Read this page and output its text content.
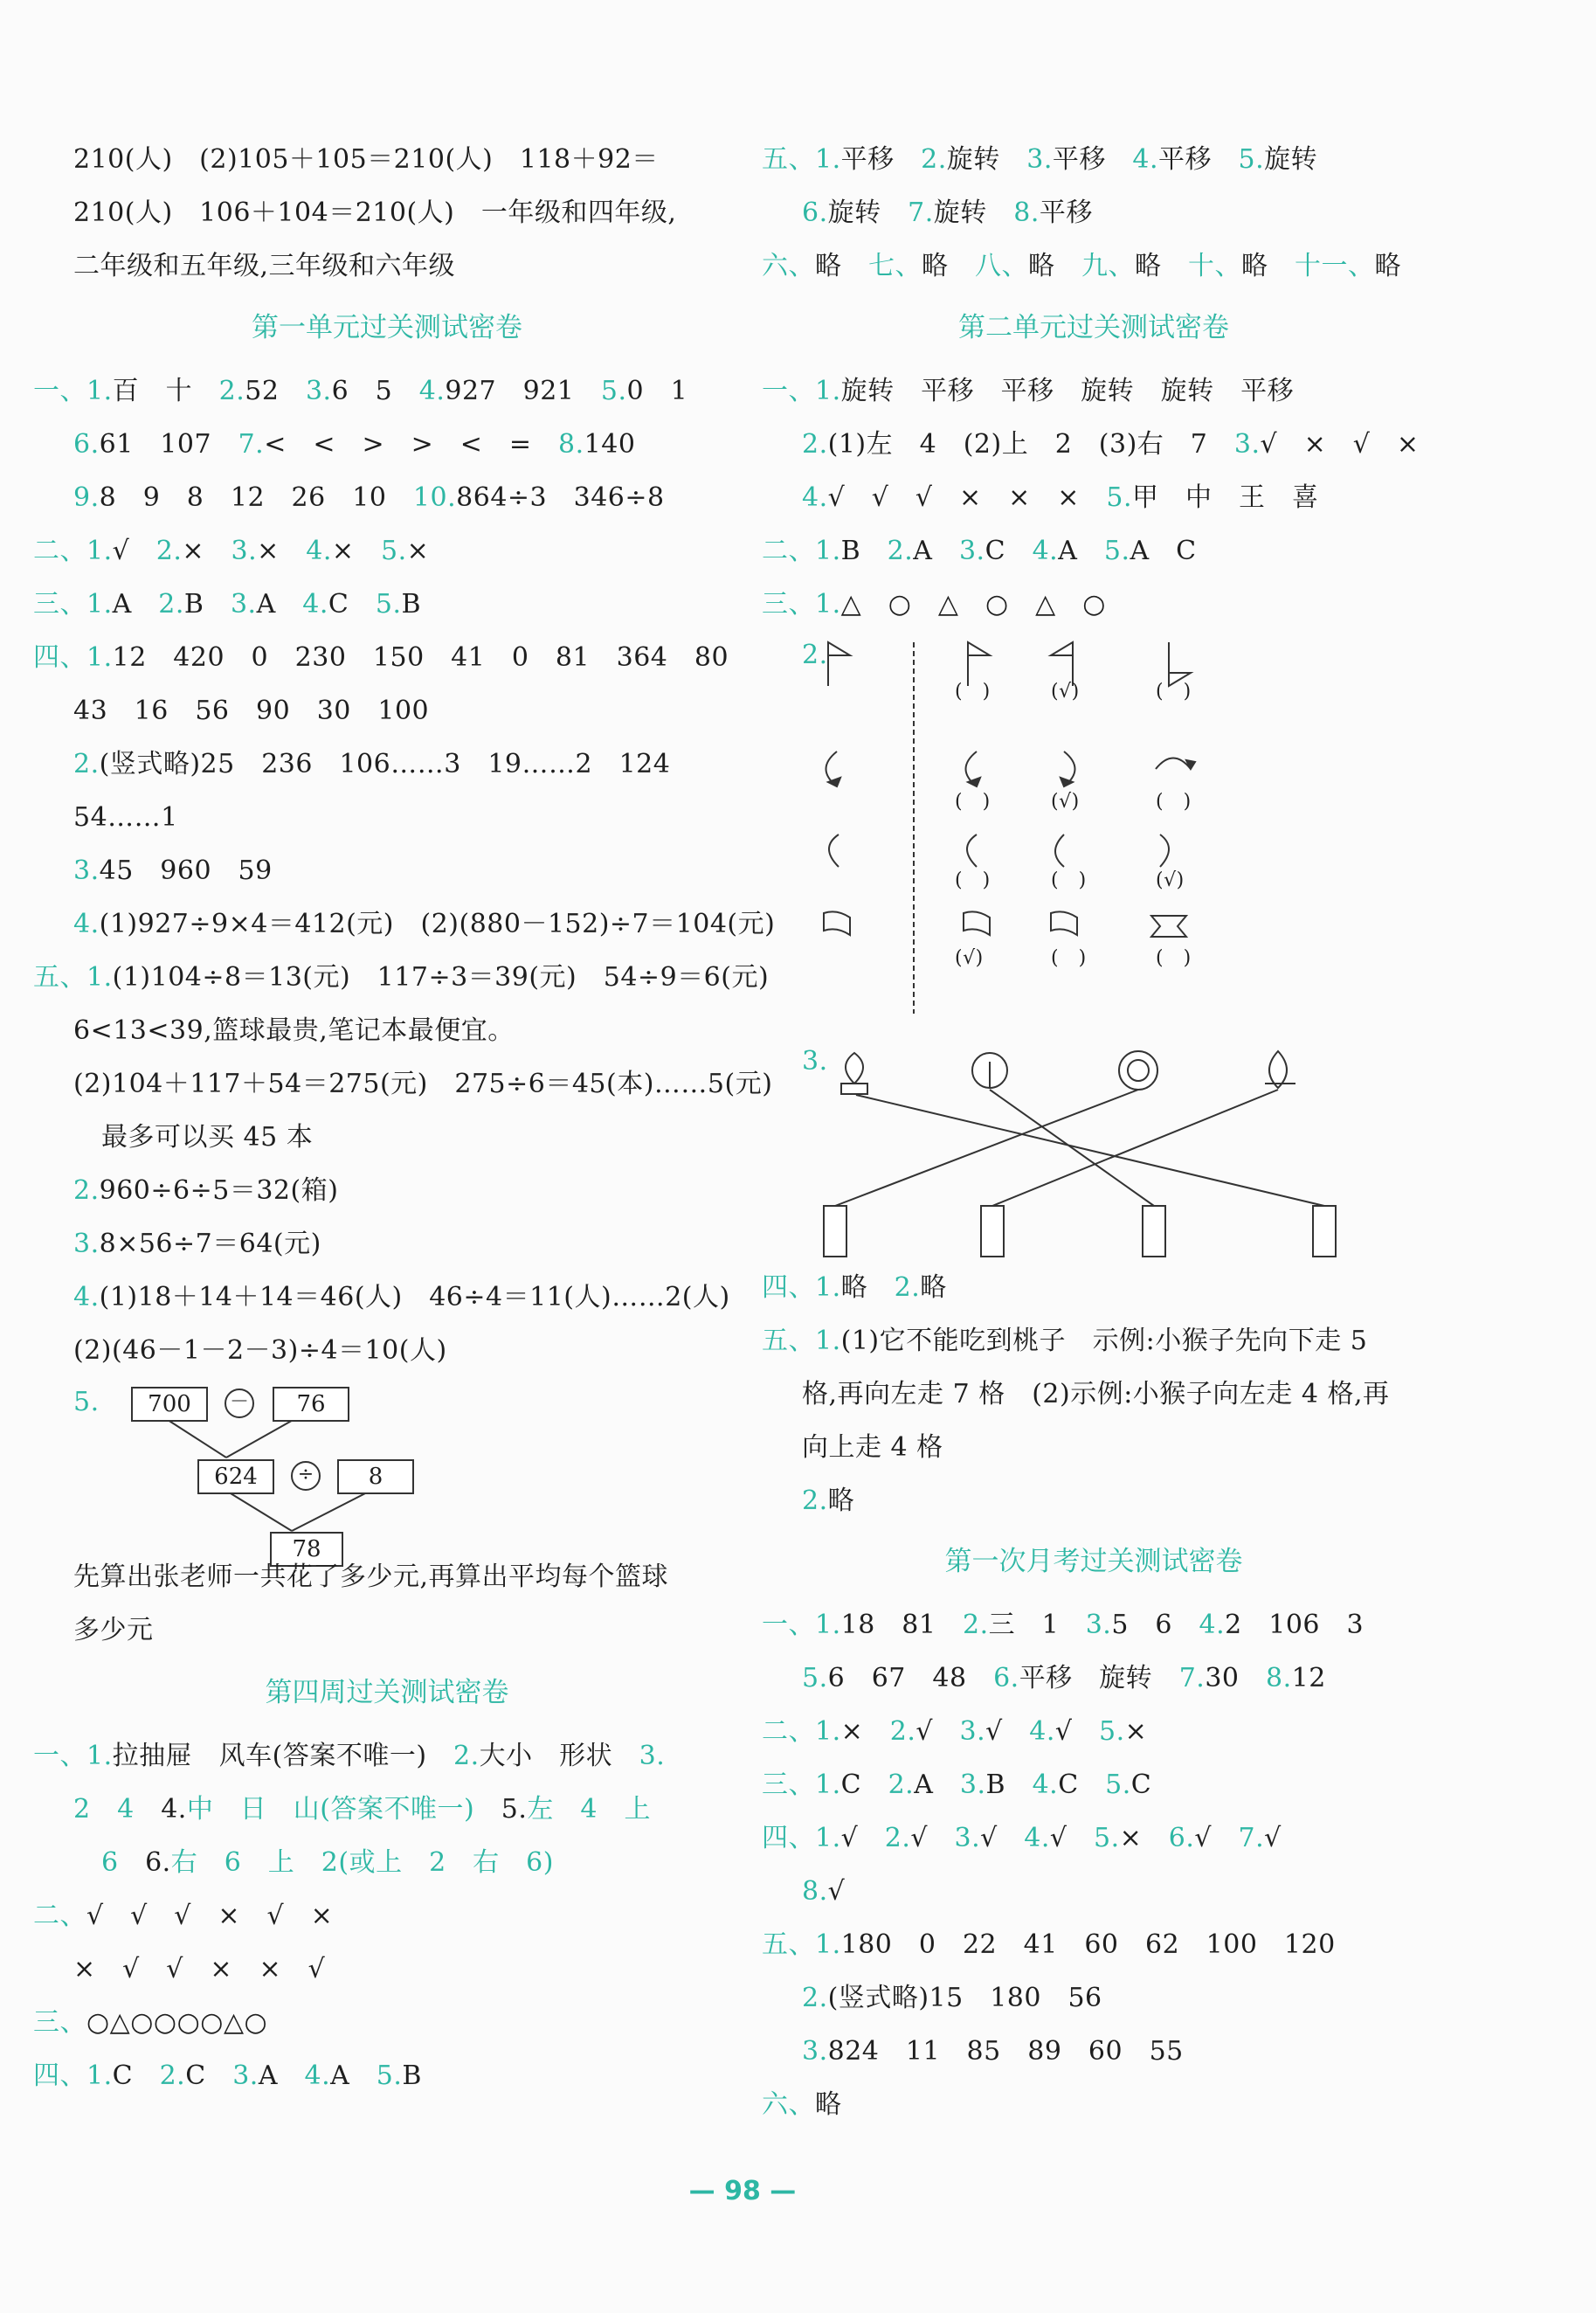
210(人)　(2)105＋105＝210(人)　118＋92＝
210(人)　106＋104＝210(人)　一年级和四年级,
二年级和五年级,三年级和六年级
第一单元过关测试密卷
一、1.百　十　2.52　3.6　5　4.927　921　5.0　1
6.61　107　7.<　<　>　>　<　=　8.140
9.8　9　8　12　26　10　10.864÷3　346÷8
二、1.√　2.×　3.×　4.×　5.×
三、1.A　2.B　3.A　4.C　5.B
四、1.12　420　0　230　150　41　0　81　364　80
43　16　56　90　30　100
2.(竖式略)25　236　106……3　19……2　124
54……1
3.45　960　59
4.(1)927÷9×4＝412(元)　(2)(880－152)÷7＝104(元)
五、1.(1)104÷8＝13(元)　117÷3＝39(元)　54÷9＝6(元)
6<13<39,篮球最贵,笔记本最便宜。
(2)104＋117＋54＝275(元)　275÷6＝45(本)……5(元)
最多可以买 45 本
2.960÷6÷5＝32(箱)
3.8×56÷7＝64(元)
4.(1)18＋14＋14＝46(人)　46÷4＝11(人)……2(人)
(2)(46－1－2－3)÷4＝10(人)
5.	700	－	76
624	÷	8
78
先算出张老师一共花了多少元,再算出平均每个篮球
多少元
第四周过关测试密卷
一、1.拉抽屉　风车(答案不唯一)　2.大小　形状　3.
2　4　4.中　日　山(答案不唯一)　5.左　4　上
6　6.右　6　上　2(或上　2　右　6)
二、√　√　√　×　√　×
×　√　√　×　×　√
三、○△○○○○△○
四、1.C　2.C　3.A　4.A　5.B
五、1.平移　2.旋转　3.平移　4.平移　5.旋转
6.旋转　7.旋转　8.平移
六、略　七、略　八、略　九、略　十、略　十一、略
第二单元过关测试密卷
一、1.旋转　平移　平移　旋转　旋转　平移
2.(1)左　4　(2)上　2　(3)右　7　3.√　×　√　×
4.√　√　√　×　×　×　5.甲　中　王　喜
二、1.B　2.A　3.C　4.A　5.A　C
三、1.△　○　△　○　△　○
2.
(　)	(√)	(　)
(　)	(√)	(　)
(　)	(　)	(√)
(√)	(　)	(　)
3.
四、1.略　2.略
五、1.(1)它不能吃到桃子　示例:小猴子先向下走 5
格,再向左走 7 格　(2)示例:小猴子向左走 4 格,再
向上走 4 格
2.略
第一次月考过关测试密卷
一、1.18　81　2.三　1　3.5　6　4.2　106　3
5.6　67　48　6.平移　旋转　7.30　8.12
二、1.×　2.√　3.√　4.√　5.×
三、1.C　2.A　3.B　4.C　5.C
四、1.√　2.√　3.√　4.√　5.×　6.√　7.√
8.√
五、1.180　0　22　41　60　62　100　120
2.(竖式略)15　180　56
3.824　11　85　89　60　55
六、略
— 98 —
